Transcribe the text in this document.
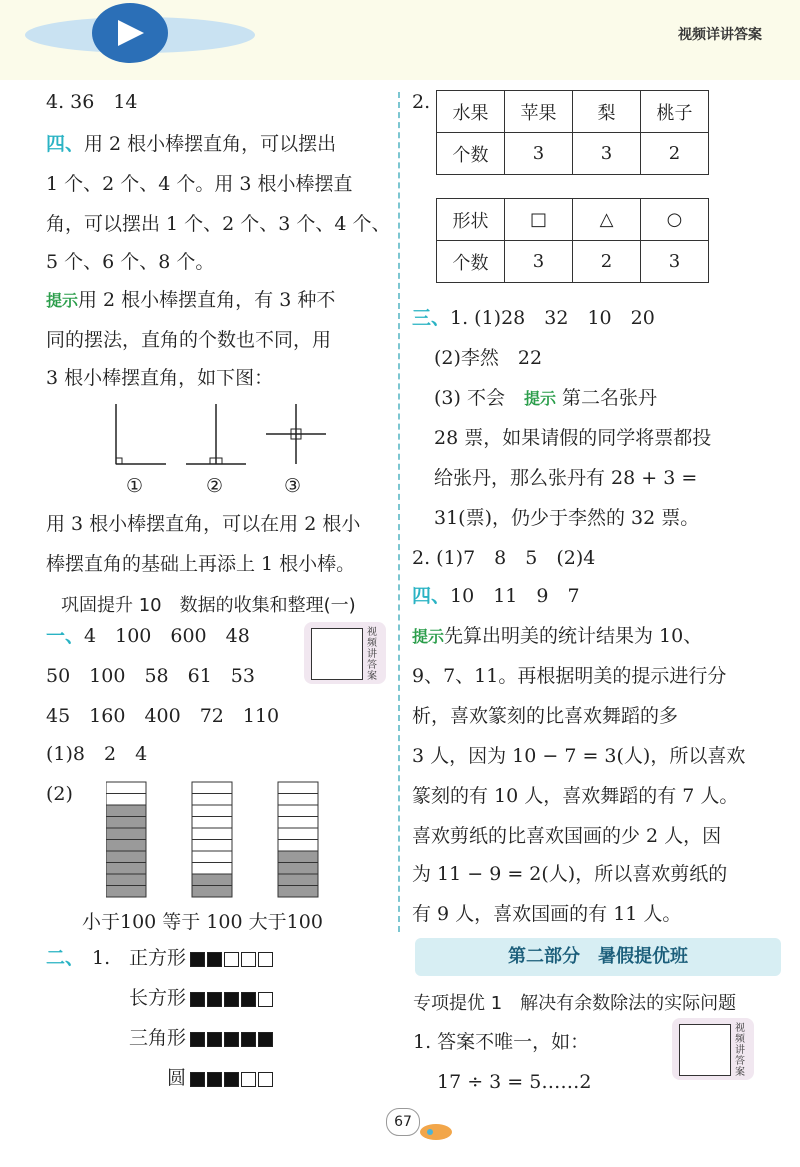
视频详讲答案
4. 36　14
四、用 2 根小棒摆直角，可以摆出
1 个、2 个、4 个。用 3 根小棒摆直
角，可以摆出 1 个、2 个、3 个、4 个、
5 个、6 个、8 个。
提示用 2 根小棒摆直角，有 3 种不
同的摆法，直角的个数也不同，用
3 根小棒摆直角，如下图：
①	②	③
用 3 根小棒摆直角，可以在用 2 根小
棒摆直角的基础上再添上 1 根小棒。
巩固提升 10　数据的收集和整理(一)
一、4　100　600　48
50　100　58　61　53
45　160　400　72　110
(1)8　2　4
(2)
小于100 等于 100 大于100
二、 1. 正方形
长方形
三角形
圆
视频讲答案
2. 水果	苹果	梨	桃子
个数	3	3	2
形状	□	△	○
个数	3	2	3
三、1. (1)28　32　10　20
(2)李然　22
(3) 不会　 提示 第二名张丹
28 票，如果请假的同学将票都投
给张丹，那么张丹有 28 + 3 =
31(票)，仍少于李然的 32 票。
2. (1)7　8　5　(2)4
四、10　11　9　7
提示先算出明美的统计结果为 10、
9、7、11。再根据明美的提示进行分
析，喜欢篆刻的比喜欢舞蹈的多
3 人，因为 10 − 7 = 3(人)，所以喜欢
篆刻的有 10 人，喜欢舞蹈的有 7 人。
喜欢剪纸的比喜欢国画的少 2 人，因
为 11 − 9 = 2(人)，所以喜欢剪纸的
有 9 人，喜欢国画的有 11 人。
第二部分　暑假提优班
专项提优 1　解决有余数除法的实际问题
1. 答案不唯一，如：
17 ÷ 3 = 5……2
视频讲答案
67
